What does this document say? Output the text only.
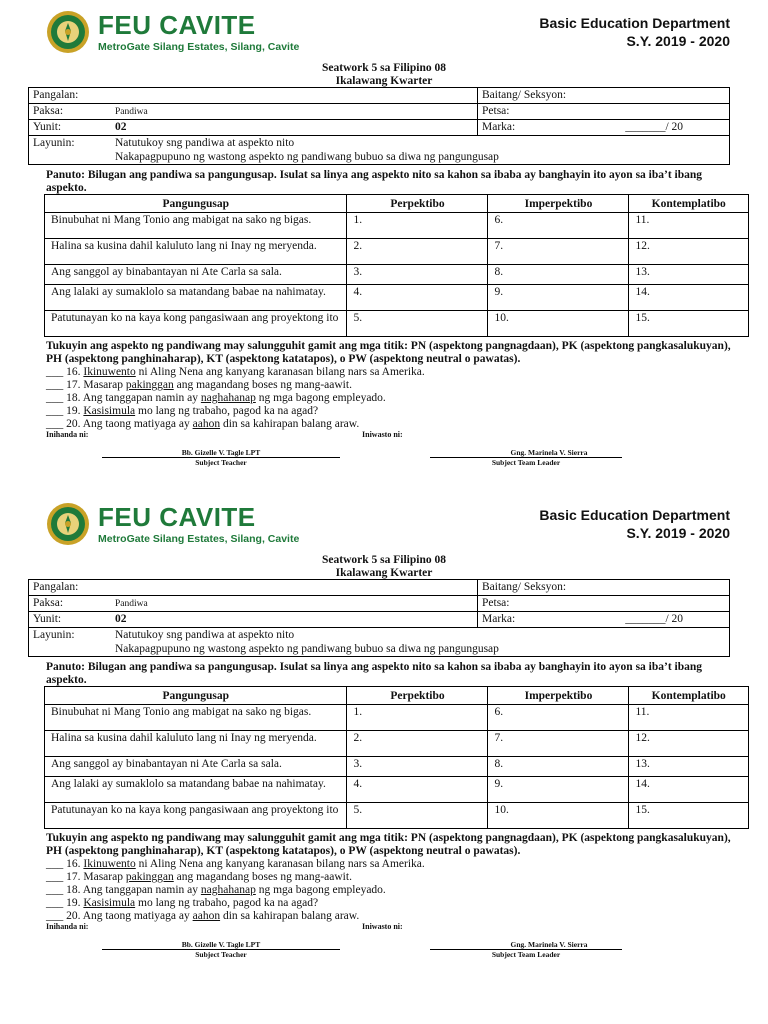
FEU CAVITE
MetroGate Silang Estates, Silang, Cavite
Basic Education Department
S.Y. 2019 - 2020
Seatwork 5 sa Filipino 08
Ikalawang Kwarter
Pangalan:	Baitang/ Seksyon:
Paksa: Pandiwa	Petsa:
Yunit: 02	Marka: _______/ 20
Layunin: Natutukoy sng pandiwa at aspekto nito
Nakapagpupuno ng wastong aspekto ng pandiwang bubuo sa diwa ng pangungusap	
Panuto: Bilugan ang pandiwa sa pangungusap. Isulat sa linya ang aspekto nito sa kahon sa ibaba ay banghayin ito ayon sa iba’t ibang aspekto.
Pangungusap	Perpektibo	Imperpektibo	Kontemplatibo
Binubuhat ni Mang Tonio ang mabigat na sako ng bigas.	1.	6.	11.
Halina sa kusina dahil kaluluto lang ni Inay ng meryenda.	2.	7.	12.
Ang sanggol ay binabantayan ni Ate Carla sa sala.	3.	8.	13.
Ang lalaki ay sumaklolo sa matandang babae na nahimatay.	4.	9.	14.
Patutunayan ko na kaya kong pangasiwaan ang proyektong ito	5.	10.	15.
Tukuyin ang aspekto ng pandiwang may salungguhit gamit ang mga titik: PN (aspektong pangnagdaan), PK (aspektong pangkasalukuyan), PH (aspektong panghinaharap), KT (aspektong katatapos), o PW (aspektong neutral o pawatas).
___ 16. Ikinuwento ni Aling Nena ang kanyang karanasan bilang nars sa Amerika.
___ 17. Masarap pakinggan ang magandang boses ng mang-aawit.
___ 18. Ang tanggapan namin ay naghahanap ng mga bagong empleyado.
___ 19. Kasisimula mo lang ng trabaho, pagod ka na agad?
___ 20. Ang taong matiyaga ay aahon din sa kahirapan balang araw.
Inihanda ni:	Iniwasto ni:
Bb. Gizelle V. Tagle LPT
Subject Teacher
Gng. Marinela V. Sierra
Subject Team Leader
FEU CAVITE
MetroGate Silang Estates, Silang, Cavite
Basic Education Department
S.Y. 2019 - 2020
Seatwork 5 sa Filipino 08
Ikalawang Kwarter
Pangalan:	Baitang/ Seksyon:
Paksa: Pandiwa	Petsa:
Yunit: 02	Marka: _______/ 20
Layunin: Natutukoy sng pandiwa at aspekto nito
Nakapagpupuno ng wastong aspekto ng pandiwang bubuo sa diwa ng pangungusap	
Panuto: Bilugan ang pandiwa sa pangungusap. Isulat sa linya ang aspekto nito sa kahon sa ibaba ay banghayin ito ayon sa iba’t ibang aspekto.
Pangungusap	Perpektibo	Imperpektibo	Kontemplatibo
Binubuhat ni Mang Tonio ang mabigat na sako ng bigas.	1.	6.	11.
Halina sa kusina dahil kaluluto lang ni Inay ng meryenda.	2.	7.	12.
Ang sanggol ay binabantayan ni Ate Carla sa sala.	3.	8.	13.
Ang lalaki ay sumaklolo sa matandang babae na nahimatay.	4.	9.	14.
Patutunayan ko na kaya kong pangasiwaan ang proyektong ito	5.	10.	15.
Tukuyin ang aspekto ng pandiwang may salungguhit gamit ang mga titik: PN (aspektong pangnagdaan), PK (aspektong pangkasalukuyan), PH (aspektong panghinaharap), KT (aspektong katatapos), o PW (aspektong neutral o pawatas).
___ 16. Ikinuwento ni Aling Nena ang kanyang karanasan bilang nars sa Amerika.
___ 17. Masarap pakinggan ang magandang boses ng mang-aawit.
___ 18. Ang tanggapan namin ay naghahanap ng mga bagong empleyado.
___ 19. Kasisimula mo lang ng trabaho, pagod ka na agad?
___ 20. Ang taong matiyaga ay aahon din sa kahirapan balang araw.
Inihanda ni:	Iniwasto ni:
Bb. Gizelle V. Tagle LPT
Subject Teacher
Gng. Marinela V. Sierra
Subject Team Leader
